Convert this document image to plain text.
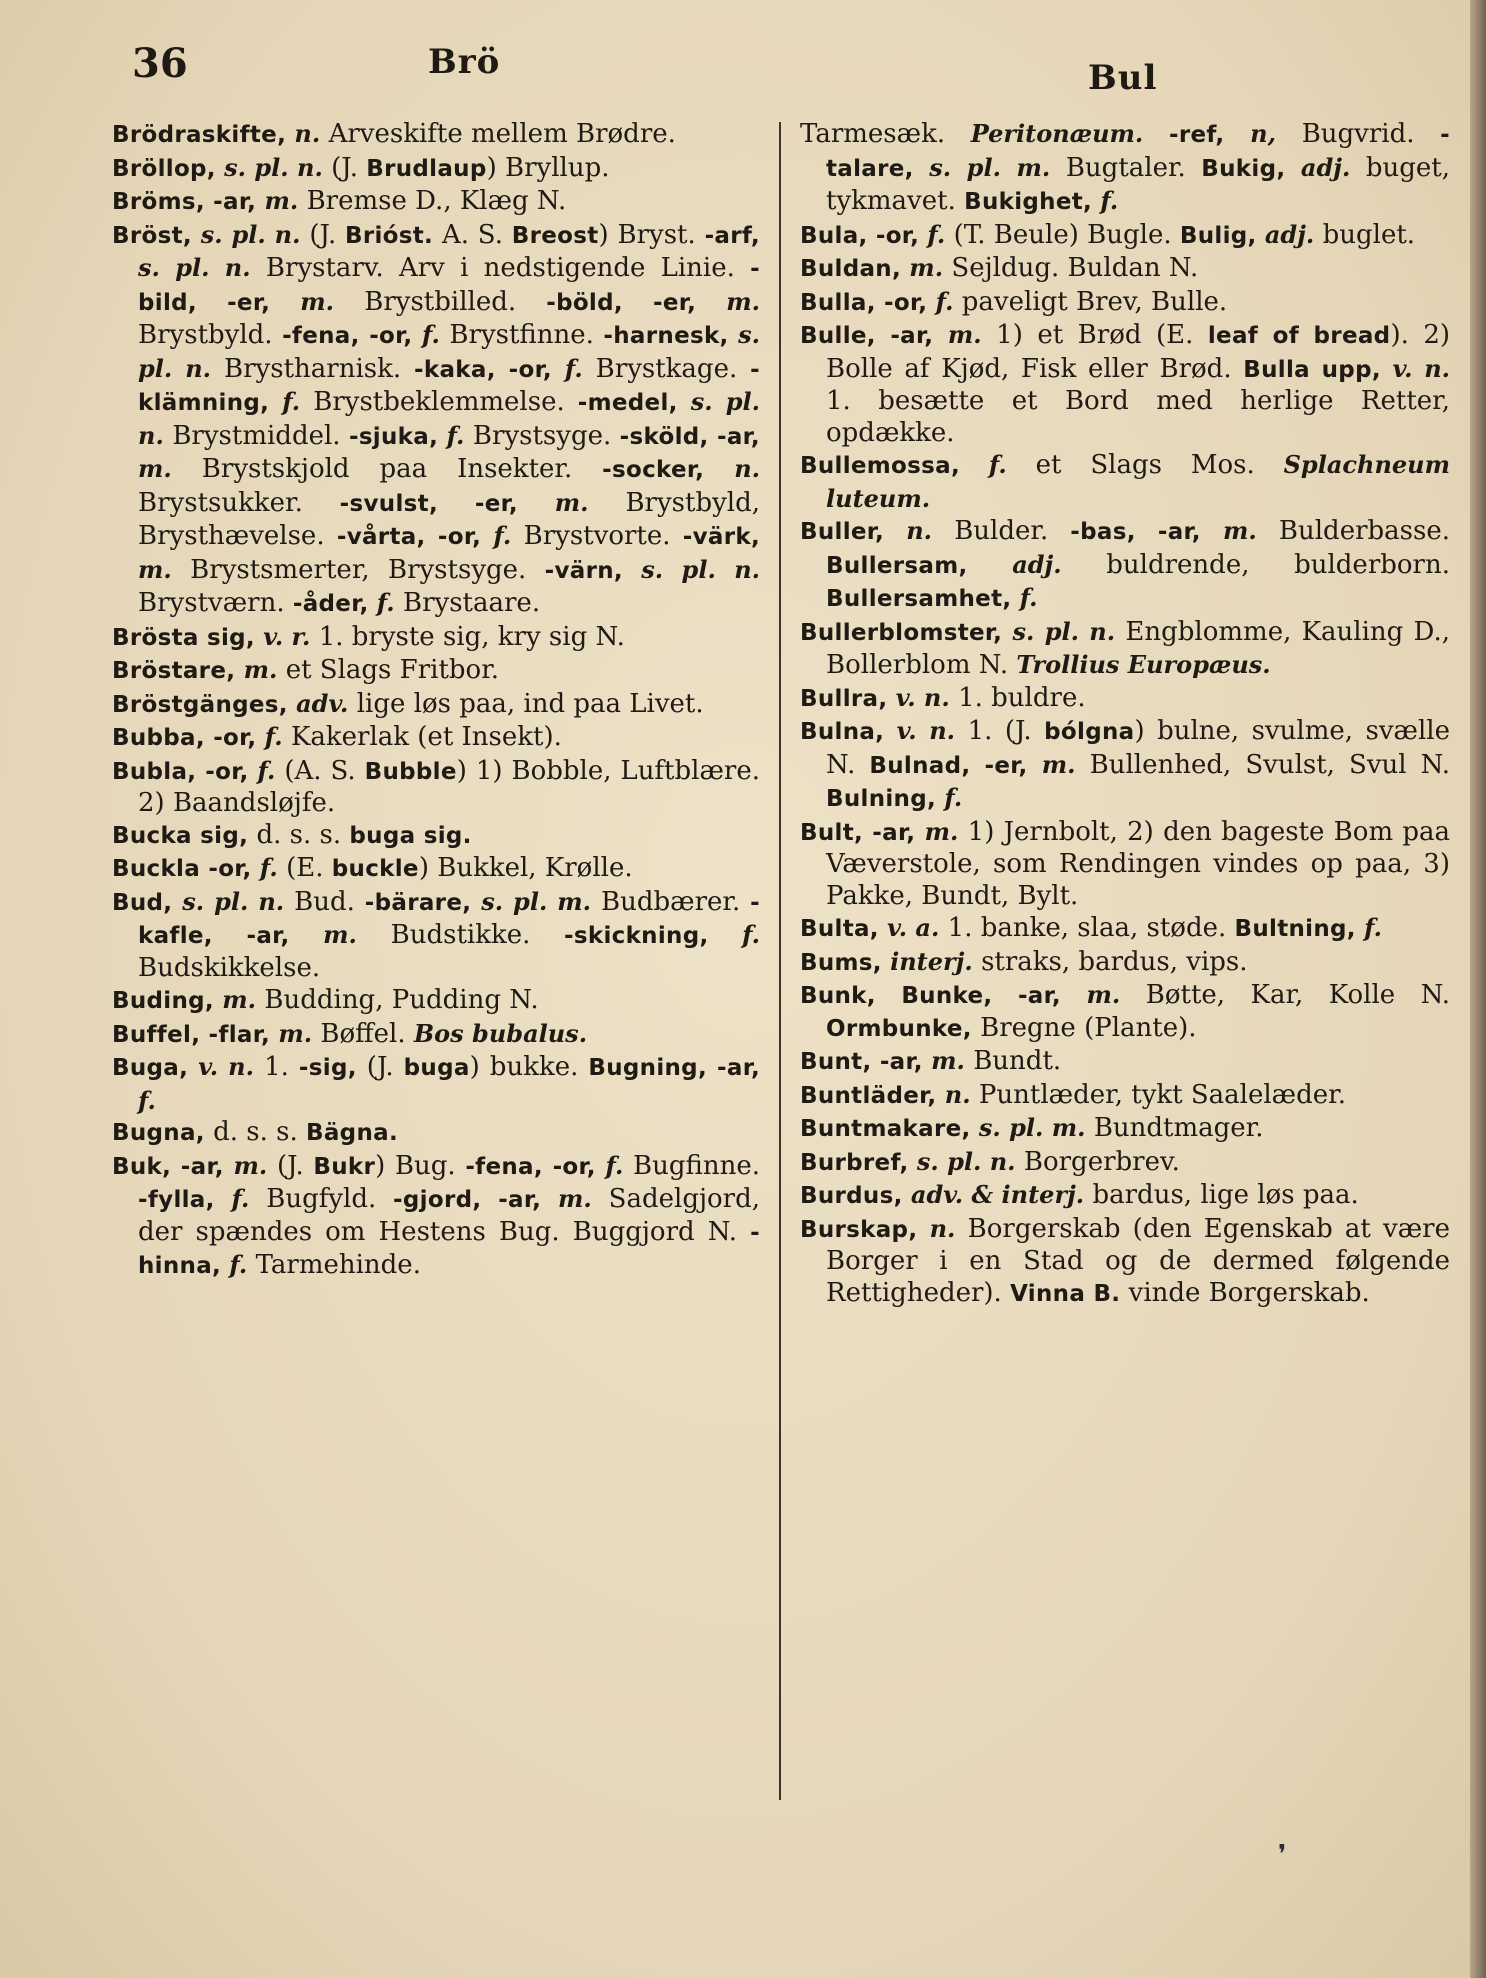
36	Brö	Bul

Brödraskifte, n. Arveskifte mellem Brødre.

Bröllop, s. pl. n. (J. Brudlaup) Bryllup.

Bröms, -ar, m. Bremse D., Klæg N.

Bröst, s. pl. n. (J. Brióst. A. S. Breost) Bryst. -arf, s. pl. n. Brystarv. Arv i nedstigende Linie. -bild, -er, m. Brystbilled. -böld, -er, m. Brystbyld. -fena, -or, f. Brystfinne. -harnesk, s. pl. n. Brystharnisk. -kaka, -or, f. Brystkage. -klämning, f. Brystbeklemmelse. -medel, s. pl. n. Brystmiddel. -sjuka, f. Brystsyge. -sköld, -ar, m. Brystskjold paa Insekter. -socker, n. Brystsukker. -svulst, -er, m. Brystbyld, Brysthævelse. -vårta, -or, f. Brystvorte. -värk, m. Brystsmerter, Brystsyge. -värn, s. pl. n. Brystværn. -åder, f. Brystaare.

Brösta sig, v. r. 1. bryste sig, kry sig N.

Bröstare, m. et Slags Fritbor.

Bröstgänges, adv. lige løs paa, ind paa Livet.

Bubba, -or, f. Kakerlak (et Insekt).

Bubla, -or, f. (A. S. Bubble) 1) Bobble, Luftblære. 2) Baandsløjfe.

Bucka sig, d. s. s. buga sig.

Buckla -or, f. (E. buckle) Bukkel, Krølle.

Bud, s. pl. n. Bud. -bärare, s. pl. m. Budbærer. -kafle, -ar, m. Budstikke. -skickning, f. Budskikkelse.

Buding, m. Budding, Pudding N.

Buffel, -flar, m. Bøffel. Bos bubalus.

Buga, v. n. 1. -sig, (J. buga) bukke. Bugning, -ar, f.

Bugna, d. s. s. Bägna.

Buk, -ar, m. (J. Bukr) Bug. -fena, -or, f. Bugfinne. -fylla, f. Bugfyld. -gjord, -ar, m. Sadelgjord, der spændes om Hestens Bug. Buggjord N. -hinna, f. Tarmehinde.

Tarmesæk. Peritonæum. -ref, n, Bugvrid. -talare, s. pl. m. Bugtaler. Bukig, adj. buget, tykmavet. Bukighet, f.

Bula, -or, f. (T. Beule) Bugle. Bulig, adj. buglet.

Buldan, m. Sejldug. Buldan N.

Bulla, -or, f. paveligt Brev, Bulle.

Bulle, -ar, m. 1) et Brød (E. leaf of bread). 2) Bolle af Kjød, Fisk eller Brød. Bulla upp, v. n. 1. besætte et Bord med herlige Retter, opdække.

Bullemossa, f. et Slags Mos. Splachneum luteum.

Buller, n. Bulder. -bas, -ar, m. Bulderbasse. Bullersam, adj. buldrende, bulderborn. Bullersamhet, f.

Bullerblomster, s. pl. n. Engblomme, Kauling D., Bollerblom N. Trollius Europæus.

Bullra, v. n. 1. buldre.

Bulna, v. n. 1. (J. bólgna) bulne, svulme, svælle N. Bulnad, -er, m. Bullenhed, Svulst, Svul N. Bulning, f.

Bult, -ar, m. 1) Jernbolt, 2) den bageste Bom paa Væverstole, som Rendingen vindes op paa, 3) Pakke, Bundt, Bylt.

Bulta, v. a. 1. banke, slaa, støde. Bultning, f.

Bums, interj. straks, bardus, vips.

Bunk, Bunke, -ar, m. Bøtte, Kar, Kolle N. Ormbunke, Bregne (Plante).

Bunt, -ar, m. Bundt.

Buntläder, n. Puntlæder, tykt Saalelæder.

Buntmakare, s. pl. m. Bundtmager.

Burbref, s. pl. n. Borgerbrev.

Burdus, adv. & interj. bardus, lige løs paa.

Burskap, n. Borgerskab (den Egenskab at være Borger i en Stad og de dermed følgende Rettigheder). Vinna B. vinde Borgerskab.

❜
